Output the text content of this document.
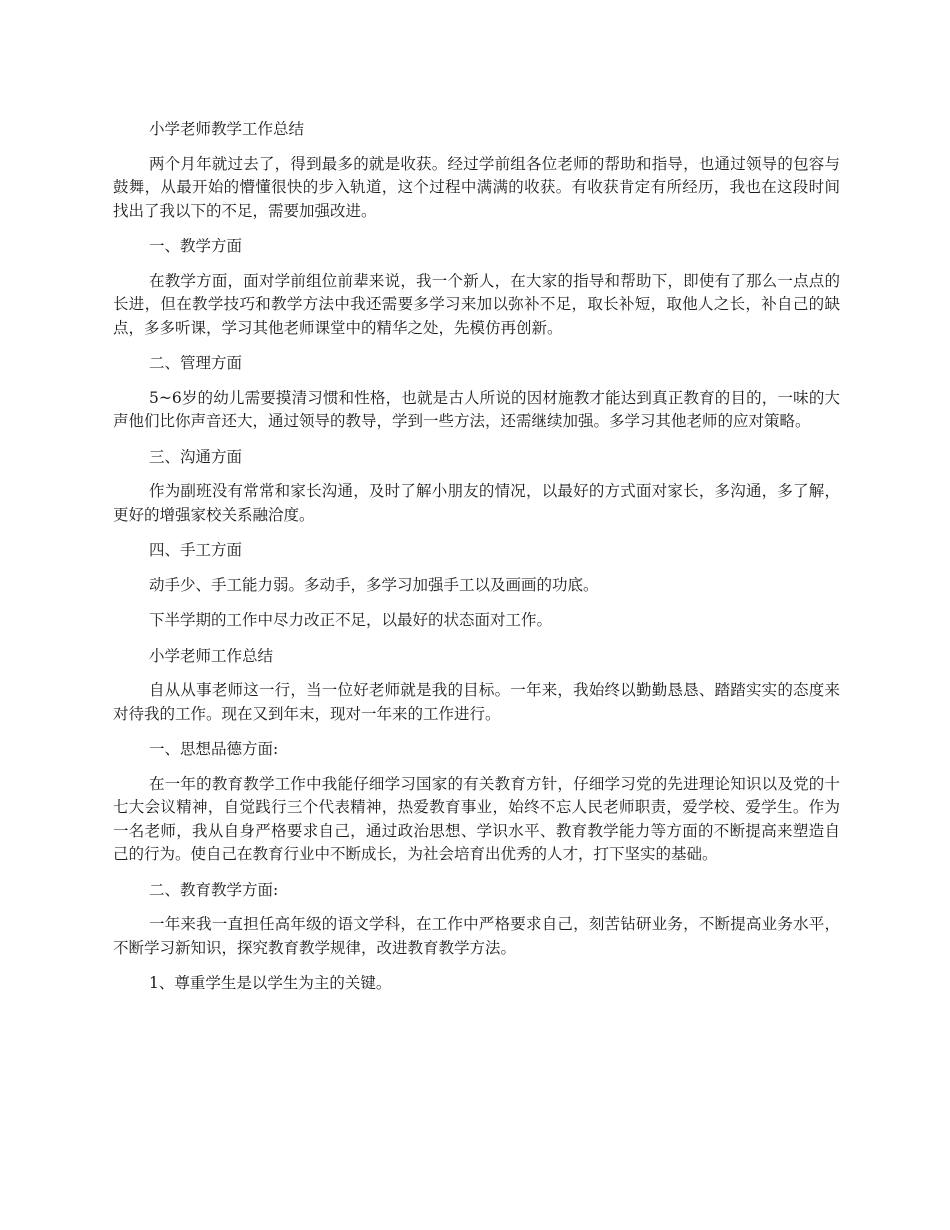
小学老师教学工作总结

两个月年就过去了，得到最多的就是收获。经过学前组各位老师的帮助和指导，也通过领导的包容与鼓舞，从最开始的懵懂很快的步入轨道，这个过程中满满的收获。有收获肯定有所经历，我也在这段时间找出了我以下的不足，需要加强改进。

一、教学方面

在教学方面，面对学前组位前辈来说，我一个新人，在大家的指导和帮助下，即使有了那么一点点的长进，但在教学技巧和教学方法中我还需要多学习来加以弥补不足，取长补短，取他人之长，补自己的缺点，多多听课，学习其他老师课堂中的精华之处，先模仿再创新。

二、管理方面

5~6岁的幼儿需要摸清习惯和性格，也就是古人所说的因材施教才能达到真正教育的目的，一味的大声他们比你声音还大，通过领导的教导，学到一些方法，还需继续加强。多学习其他老师的应对策略。

三、沟通方面

作为副班没有常常和家长沟通，及时了解小朋友的情况，以最好的方式面对家长，多沟通，多了解，更好的增强家校关系融洽度。

四、手工方面

动手少、手工能力弱。多动手，多学习加强手工以及画画的功底。

下半学期的工作中尽力改正不足，以最好的状态面对工作。

小学老师工作总结

自从从事老师这一行，当一位好老师就是我的目标。一年来，我始终以勤勤恳恳、踏踏实实的态度来对待我的工作。现在又到年末，现对一年来的工作进行。

一、思想品德方面:

在一年的教育教学工作中我能仔细学习国家的有关教育方针，仔细学习党的先进理论知识以及党的十七大会议精神，自觉践行三个代表精神，热爱教育事业，始终不忘人民老师职责，爱学校、爱学生。作为一名老师，我从自身严格要求自己，通过政治思想、学识水平、教育教学能力等方面的不断提高来塑造自己的行为。使自己在教育行业中不断成长，为社会培育出优秀的人才，打下坚实的基础。

二、教育教学方面:

一年来我一直担任高年级的语文学科，在工作中严格要求自己，刻苦钻研业务，不断提高业务水平，不断学习新知识，探究教育教学规律，改进教育教学方法。

1、尊重学生是以学生为主的关键。
